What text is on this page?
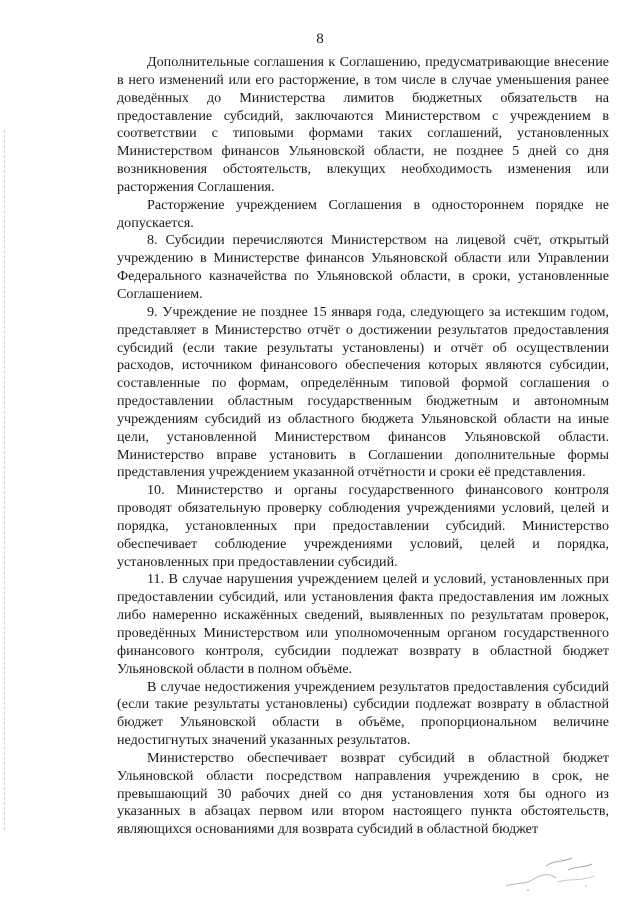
8

Дополнительные соглашения к Соглашению, предусматривающие внесение в него изменений или его расторжение, в том числе в случае уменьшения ранее доведённых до Министерства лимитов бюджетных обязательств на предоставление субсидий, заключаются Министерством с учреждением в соответствии с типовыми формами таких соглашений, установленных Министерством финансов Ульяновской области, не позднее 5 дней со дня возникновения обстоятельств, влекущих необходимость изменения или расторжения Соглашения.

Расторжение учреждением Соглашения в одностороннем порядке не допускается.

8. Субсидии перечисляются Министерством на лицевой счёт, открытый учреждению в Министерстве финансов Ульяновской области или Управлении Федерального казначейства по Ульяновской области, в сроки, установленные Соглашением.

9. Учреждение не позднее 15 января года, следующего за истекшим годом, представляет в Министерство отчёт о достижении результатов предоставления субсидий (если такие результаты установлены) и отчёт об осуществлении расходов, источником финансового обеспечения которых являются субсидии, составленные по формам, определённым типовой формой соглашения о предоставлении областным государственным бюджетным и автономным учреждениям субсидий из областного бюджета Ульяновской области на иные цели, установленной Министерством финансов Ульяновской области. Министерство вправе установить в Соглашении дополнительные формы представления учреждением указанной отчётности и сроки её представления.

10. Министерство и органы государственного финансового контроля проводят обязательную проверку соблюдения учреждениями условий, целей и порядка, установленных при предоставлении субсидий. Министерство обеспечивает соблюдение учреждениями условий, целей и порядка, установленных при предоставлении субсидий.

11. В случае нарушения учреждением целей и условий, установленных при предоставлении субсидий, или установления факта предоставления им ложных либо намеренно искажённых сведений, выявленных по результатам проверок, проведённых Министерством или уполномоченным органом государственного финансового контроля, субсидии подлежат возврату в областной бюджет Ульяновской области в полном объёме.

В случае недостижения учреждением результатов предоставления субсидий (если такие результаты установлены) субсидии подлежат возврату в областной бюджет Ульяновской области в объёме, пропорциональном величине недостигнутых значений указанных результатов.

Министерство обеспечивает возврат субсидий в областной бюджет Ульяновской области посредством направления учреждению в срок, не превышающий 30 рабочих дней со дня установления хотя бы одного из указанных в абзацах первом или втором настоящего пункта обстоятельств, являющихся основаниями для возврата субсидий в областной бюджет
